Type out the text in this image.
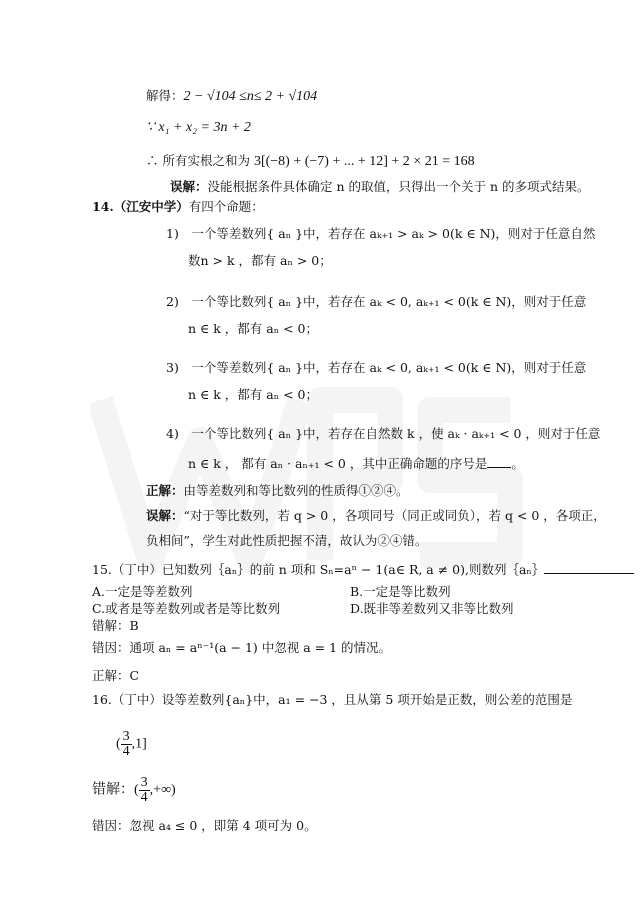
解得：2 − √104 ≤n≤ 2 + √104
∵ x₁ + x₂ = 3n + 2
∴ 所有实根之和为 3[(−8) + (−7) + ... + 12] + 2 × 21 = 168
误解：没能根据条件具体确定 n 的取值，只得出一个关于 n 的多项式结果。
14.（江安中学）有四个命题：
1)　一个等差数列{ aₙ }中，若存在 aₖ₊₁ > aₖ > 0(k ∈ N)，则对于任意自然
数n > k ，都有 aₙ > 0；
2)　一个等比数列{ aₙ }中，若存在 aₖ < 0, aₖ₊₁ < 0(k ∈ N)，则对于任意
n ∈ k ，都有 aₙ < 0；
3)　一个等差数列{ aₙ }中，若存在 aₖ < 0, aₖ₊₁ < 0(k ∈ N)，则对于任意
n ∈ k ，都有 aₙ < 0；
4)　一个等比数列{ aₙ }中，若存在自然数 k ，使 aₖ · aₖ₊₁ < 0 ，则对于任意
n ∈ k ， 都有 aₙ · aₙ₊₁ < 0 ，其中正确命题的序号是 。
正解：由等差数列和等比数列的性质得①②④。
误解：“对于等比数列，若 q > 0 ，各项同号（同正或同负），若 q < 0 ，各项正，
负相间”，学生对此性质把握不清，故认为②④错。
15.（丁中）已知数列｛aₙ｝的前 n 项和 Sₙ=aⁿ − 1(a∈ R, a ≠ 0),则数列｛aₙ｝
A.一定是等差数列	B.一定是等比数列
C.或者是等差数列或者是等比数列	D.既非等差数列又非等比数列
错解：B
错因：通项 aₙ = aⁿ⁻¹(a − 1) 中忽视 a = 1 的情况。
正解：C
16.（丁中）设等差数列{aₙ}中，a₁ = −3 ，且从第 5 项开始是正数，则公差的范围是
( $\frac{3}{4} ,1$]
错解：( $\frac{3}{4}$ ,+∞)
错因：忽视 a₄ ≤ 0 ，即第 4 项可为 0。
